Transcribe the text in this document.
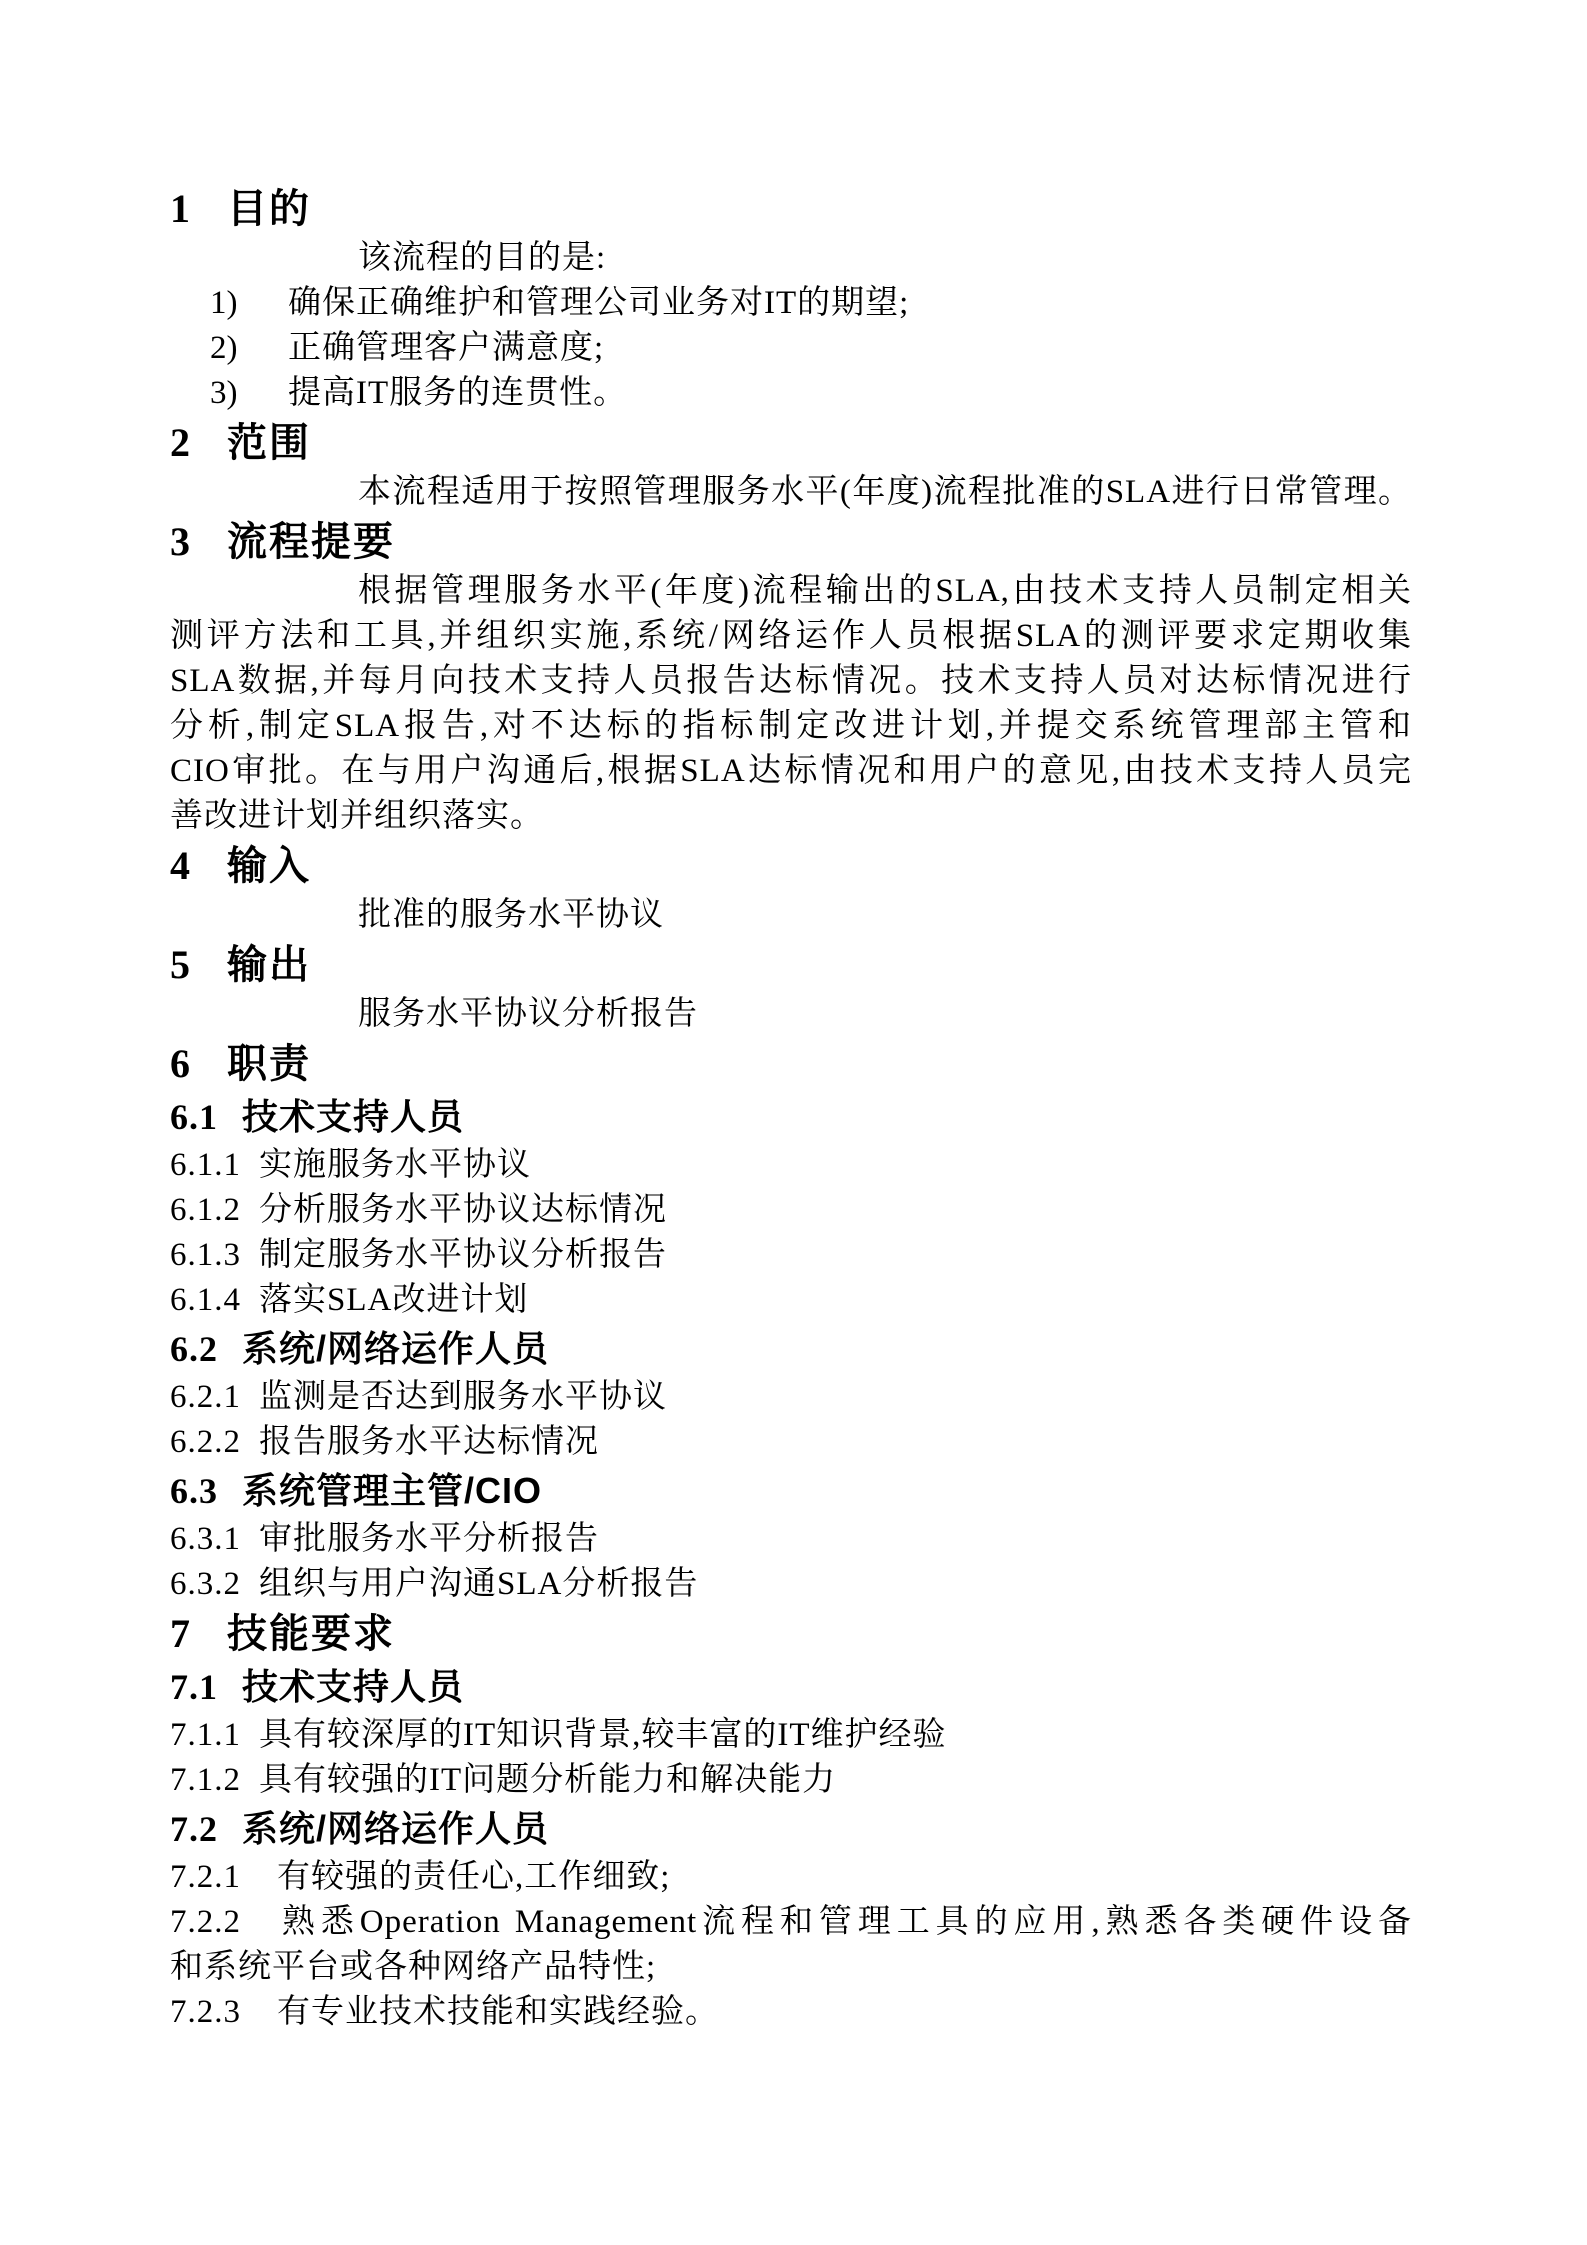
1 目的
该流程的目的是:
1) 确保正确维护和管理公司业务对IT的期望;
2) 正确管理客户满意度;
3) 提高IT服务的连贯性。
2 范围
本流程适用于按照管理服务水平(年度)流程批准的SLA进行日常管理。
3 流程提要
根据管理服务水平(年度)流程输出的SLA,由技术支持人员制定相关
测评方法和工具,并组织实施,系统/网络运作人员根据SLA的测评要求定期收集
SLA数据,并每月向技术支持人员报告达标情况。技术支持人员对达标情况进行
分析,制定SLA报告,对不达标的指标制定改进计划,并提交系统管理部主管和
CIO审批。在与用户沟通后,根据SLA达标情况和用户的意见,由技术支持人员完
善改进计划并组织落实。
4 输入
批准的服务水平协议
5 输出
服务水平协议分析报告
6 职责
6.1 技术支持人员
6.1.1 实施服务水平协议
6.1.2 分析服务水平协议达标情况
6.1.3 制定服务水平协议分析报告
6.1.4 落实SLA改进计划
6.2 系统/网络运作人员
6.2.1 监测是否达到服务水平协议
6.2.2 报告服务水平达标情况
6.3 系统管理主管/CIO
6.3.1 审批服务水平分析报告
6.3.2 组织与用户沟通SLA分析报告
7 技能要求
7.1 技术支持人员
7.1.1 具有较深厚的IT知识背景,较丰富的IT维护经验
7.1.2 具有较强的IT问题分析能力和解决能力
7.2 系统/网络运作人员
7.2.1 有较强的责任心,工作细致;
7.2.2 熟悉Operation Management流程和管理工具的应用,熟悉各类硬件设备
和系统平台或各种网络产品特性;
7.2.3 有专业技术技能和实践经验。
